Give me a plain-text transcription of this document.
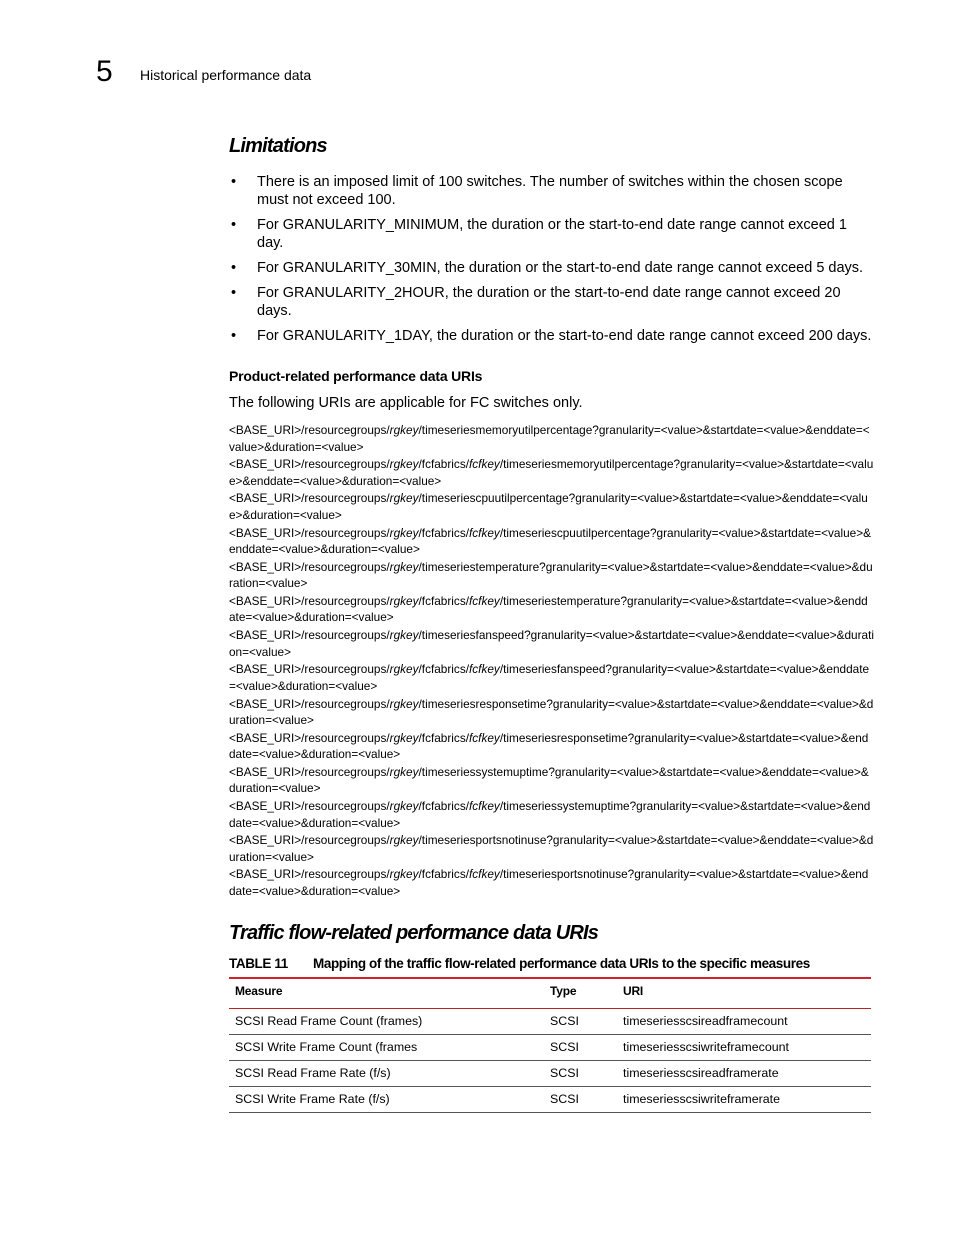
5 Historical performance data
Limitations
• There is an imposed limit of 100 switches. The number of switches within the chosen scope must not exceed 100.
• For GRANULARITY_MINIMUM, the duration or the start-to-end date range cannot exceed 1 day.
• For GRANULARITY_30MIN, the duration or the start-to-end date range cannot exceed 5 days.
• For GRANULARITY_2HOUR, the duration or the start-to-end date range cannot exceed 20 days.
• For GRANULARITY_1DAY, the duration or the start-to-end date range cannot exceed 200 days.
Product-related performance data URIs
The following URIs are applicable for FC switches only.
<BASE_URI>/resourcegroups/rgkey/timeseriesmemoryutilpercentage?granularity=<value>&startdate=<value>&enddate=<value>&duration=<value>
<BASE_URI>/resourcegroups/rgkey/fcfabrics/fcfkey/timeseriesmemoryutilpercentage?granularity=<value>&startdate=<value>&enddate=<value>&duration=<value>
<BASE_URI>/resourcegroups/rgkey/timeseriescpuutilpercentage?granularity=<value>&startdate=<value>&enddate=<value>&duration=<value>
<BASE_URI>/resourcegroups/rgkey/fcfabrics/fcfkey/timeseriescpuutilpercentage?granularity=<value>&startdate=<value>&enddate=<value>&duration=<value>
<BASE_URI>/resourcegroups/rgkey/timeseriestemperature?granularity=<value>&startdate=<value>&enddate=<value>&duration=<value>
<BASE_URI>/resourcegroups/rgkey/fcfabrics/fcfkey/timeseriestemperature?granularity=<value>&startdate=<value>&enddate=<value>&duration=<value>
<BASE_URI>/resourcegroups/rgkey/timeseriesfanspeed?granularity=<value>&startdate=<value>&enddate=<value>&duration=<value>
<BASE_URI>/resourcegroups/rgkey/fcfabrics/fcfkey/timeseriesfanspeed?granularity=<value>&startdate=<value>&enddate=<value>&duration=<value>
<BASE_URI>/resourcegroups/rgkey/timeseriesresponsetime?granularity=<value>&startdate=<value>&enddate=<value>&duration=<value>
<BASE_URI>/resourcegroups/rgkey/fcfabrics/fcfkey/timeseriesresponsetime?granularity=<value>&startdate=<value>&enddate=<value>&duration=<value>
<BASE_URI>/resourcegroups/rgkey/timeseriessystemuptime?granularity=<value>&startdate=<value>&enddate=<value>&duration=<value>
<BASE_URI>/resourcegroups/rgkey/fcfabrics/fcfkey/timeseriessystemuptime?granularity=<value>&startdate=<value>&enddate=<value>&duration=<value>
<BASE_URI>/resourcegroups/rgkey/timeseriesportsnotinuse?granularity=<value>&startdate=<value>&enddate=<value>&duration=<value>
<BASE_URI>/resourcegroups/rgkey/fcfabrics/fcfkey/timeseriesportsnotinuse?granularity=<value>&startdate=<value>&enddate=<value>&duration=<value>
Traffic flow-related performance data URIs
TABLE 11 Mapping of the traffic flow-related performance data URIs to the specific measures
Measure	Type	URI
SCSI Read Frame Count (frames)	SCSI	timeseriesscsireadframecount
SCSI Write Frame Count (frames	SCSI	timeseriesscsiwriteframecount
SCSI Read Frame Rate (f/s)	SCSI	timeseriesscsireadframerate
SCSI Write Frame Rate (f/s)	SCSI	timeseriesscsiwriteframerate
